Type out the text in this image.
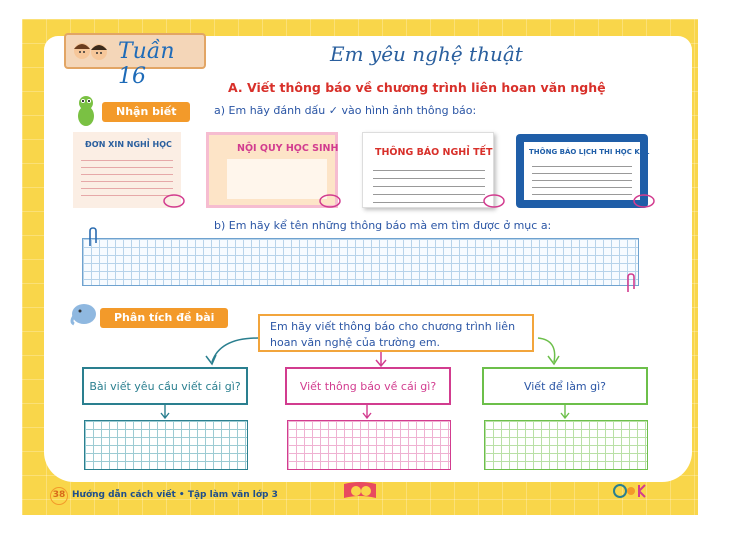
Tuần 16
Em yêu nghệ thuật
A. Viết thông báo về chương trình liên hoan văn nghệ
Nhận biết	a) Em hãy đánh dấu ✓ vào hình ảnh thông báo:
ĐƠN XIN NGHỈ HỌC	NỘI QUY HỌC SINH	THÔNG BÁO NGHỈ TẾT	THÔNG BÁO LỊCH THI HỌC KÌ 1
b) Em hãy kể tên những thông báo mà em tìm được ở mục a:
Phân tích đề bài
Em hãy viết thông báo cho chương trình liên hoan văn nghệ của trường em.
Bài viết yêu cầu viết cái gì?	Viết thông báo về cái gì?	Viết để làm gì?
38 Hướng dẫn cách viết • Tập làm văn lớp 3
